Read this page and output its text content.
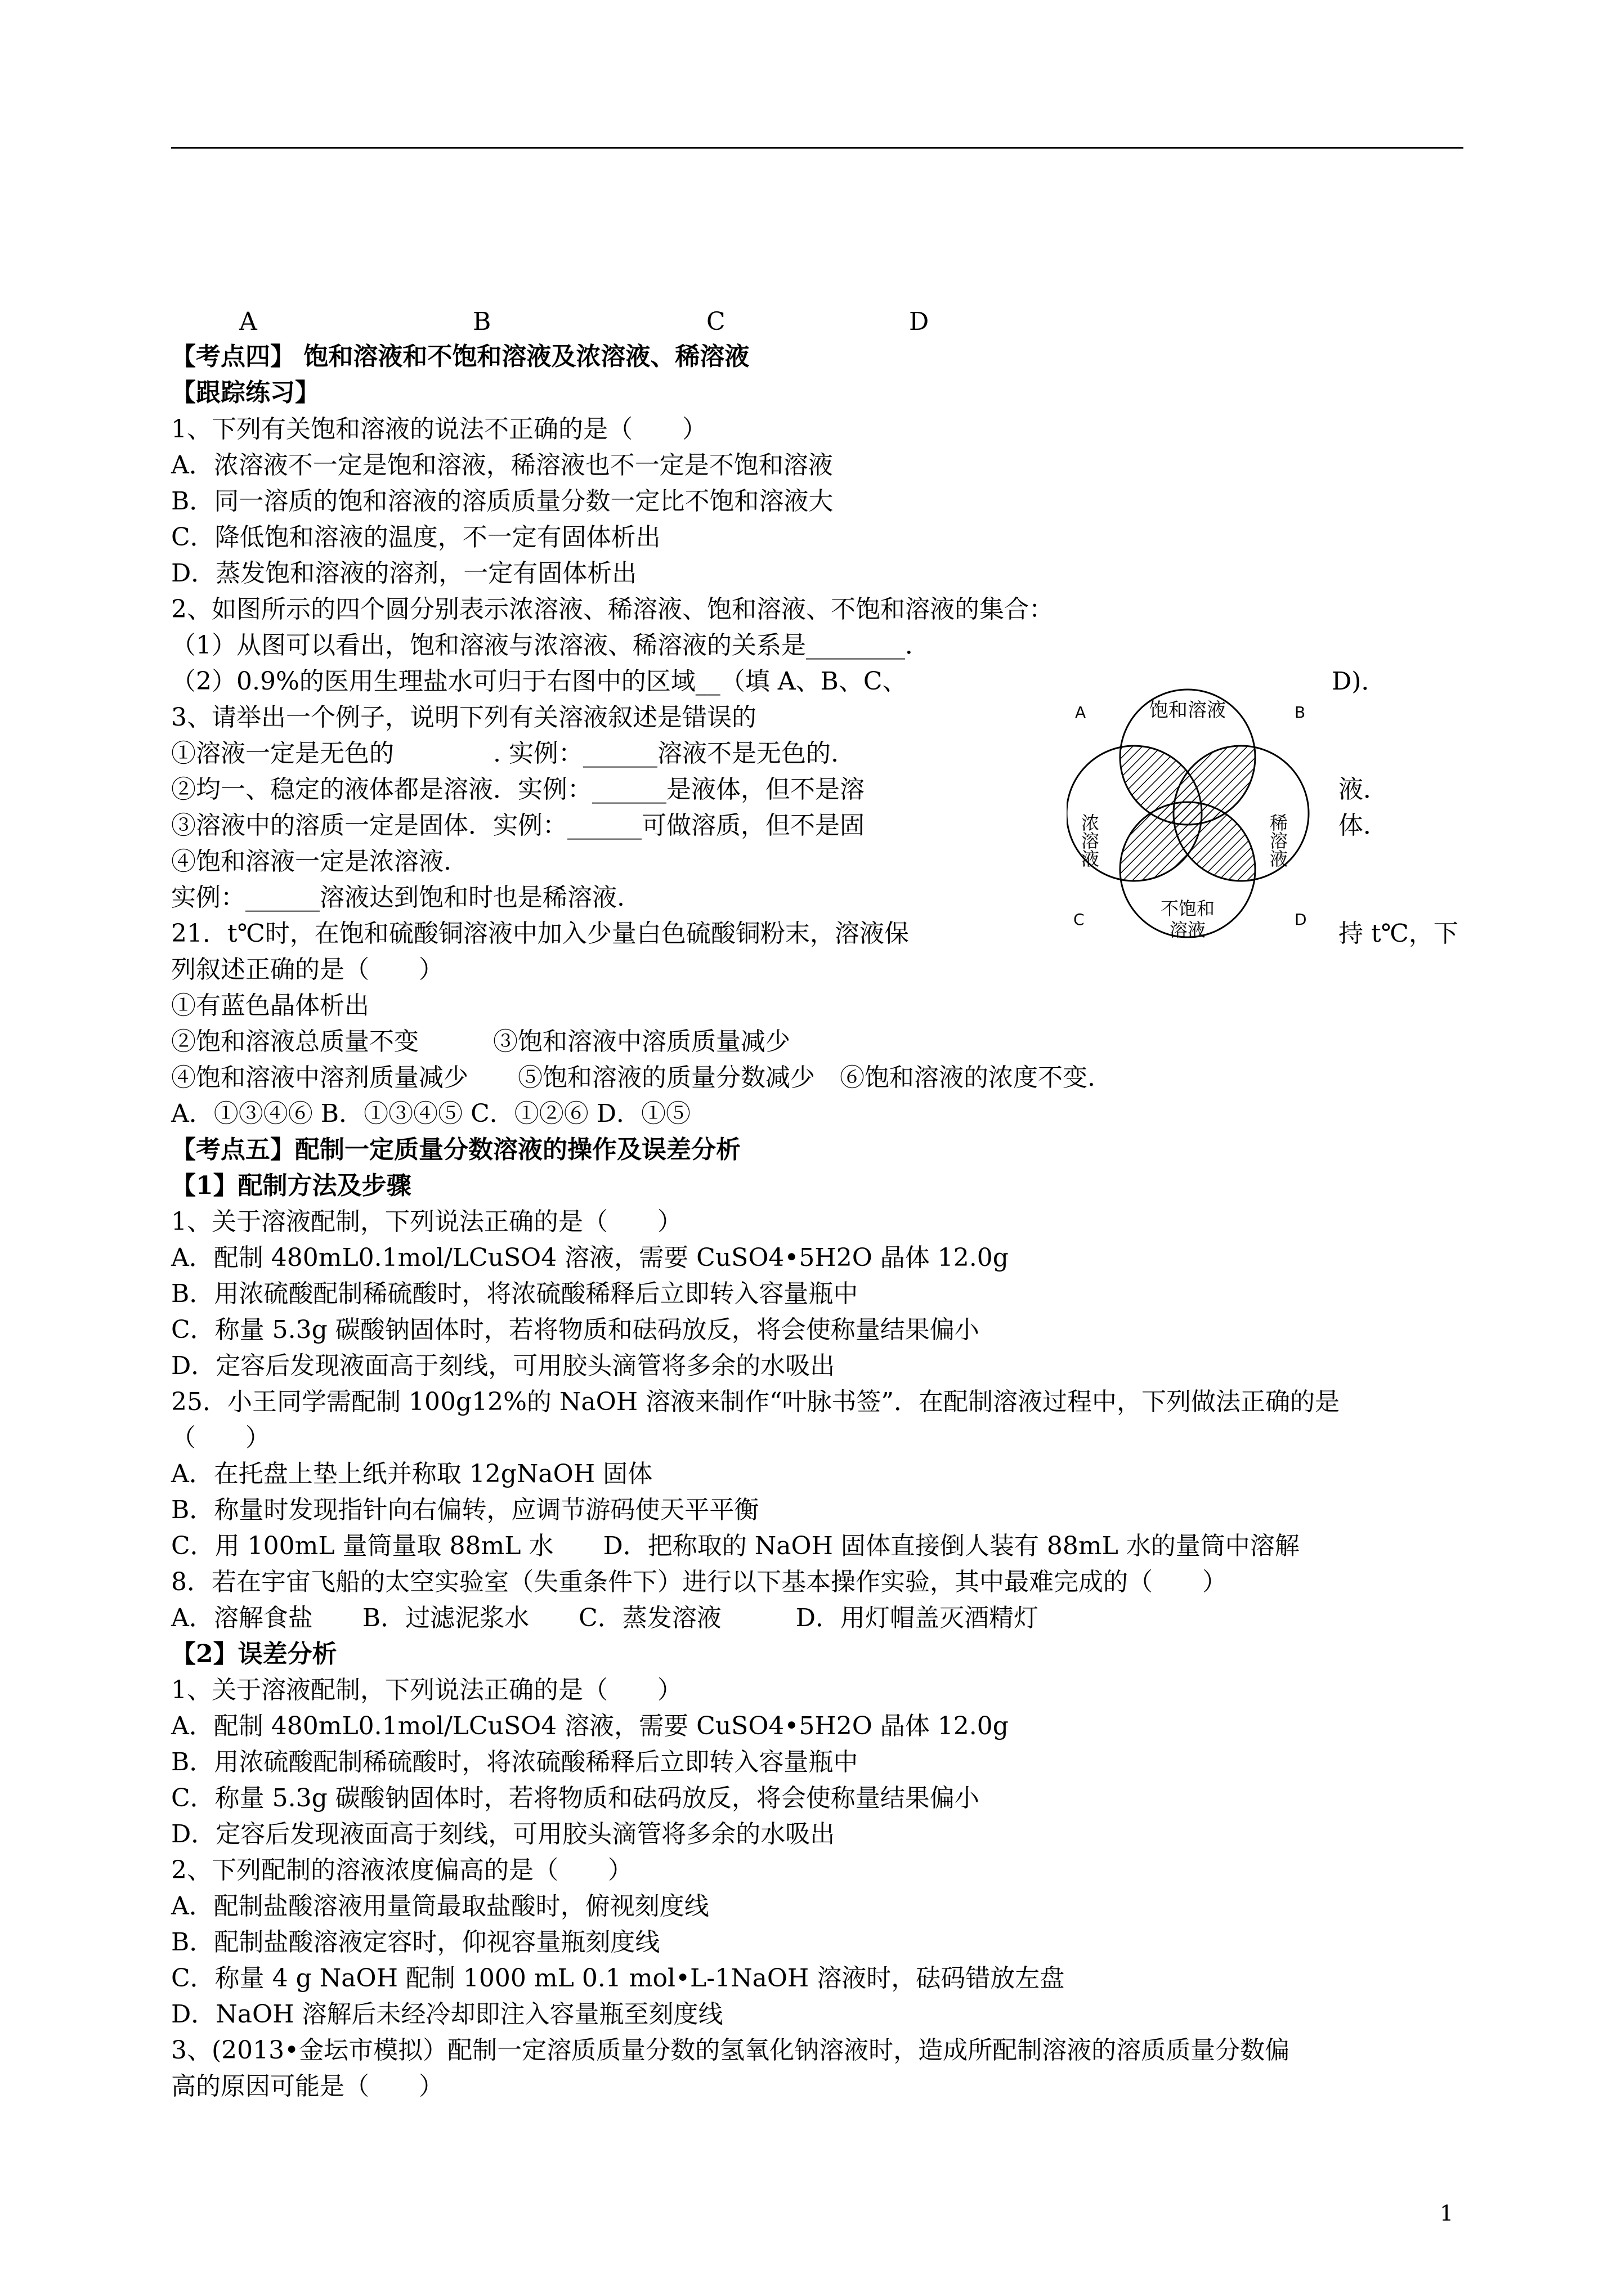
A	B	C	D
【考点四】 饱和溶液和不饱和溶液及浓溶液、稀溶液
【跟踪练习】
1、下列有关饱和溶液的说法不正确的是（　　）
A．浓溶液不一定是饱和溶液，稀溶液也不一定是不饱和溶液
B．同一溶质的饱和溶液的溶质质量分数一定比不饱和溶液大
C．降低饱和溶液的温度，不一定有固体析出
D．蒸发饱和溶液的溶剂，一定有固体析出
2、如图所示的四个圆分别表示浓溶液、稀溶液、饱和溶液、不饱和溶液的集合：
（1）从图可以看出，饱和溶液与浓溶液、稀溶液的关系是________．
（2）0.9%的医用生理盐水可归于右图中的区域__（填 A、B、C、	D)．
3、请举出一个例子，说明下列有关溶液叙述是错误的
①溶液一定是无色的　　　　. 实例：______溶液不是无色的.
②均一、稳定的液体都是溶液．实例：______是液体，但不是溶	液．
③溶液中的溶质一定是固体．实例：______可做溶质，但不是固	体．
④饱和溶液一定是浓溶液.
实例：______溶液达到饱和时也是稀溶液.
21．t℃时，在饱和硫酸铜溶液中加入少量白色硫酸铜粉末，溶液保	持 t℃，下
列叙述正确的是（　　）
①有蓝色晶体析出
②饱和溶液总质量不变　　　③饱和溶液中溶质质量减少
④饱和溶液中溶剂质量减少　　⑤饱和溶液的质量分数减少　⑥饱和溶液的浓度不变.
A．①③④⑥ B．①③④⑤ C．①②⑥ D．①⑤
【考点五】配制一定质量分数溶液的操作及误差分析
【1】配制方法及步骤
1、关于溶液配制，下列说法正确的是（　　）
A．配制 480mL0.1mol/LCuSO4 溶液，需要 CuSO4•5H2O 晶体 12.0g
B．用浓硫酸配制稀硫酸时，将浓硫酸稀释后立即转入容量瓶中
C．称量 5.3g 碳酸钠固体时，若将物质和砝码放反，将会使称量结果偏小
D．定容后发现液面高于刻线，可用胶头滴管将多余的水吸出
25．小王同学需配制 100g12%的 NaOH 溶液来制作“叶脉书签”．在配制溶液过程中，下列做法正确的是
（　　）
A．在托盘上垫上纸并称取 12gNaOH 固体
B．称量时发现指针向右偏转，应调节游码使天平平衡
C．用 100mL 量筒量取 88mL 水　　D．把称取的 NaOH 固体直接倒人装有 88mL 水的量筒中溶解
8．若在宇宙飞船的太空实验室（失重条件下）进行以下基本操作实验，其中最难完成的（　　）
A．溶解食盐　　B．过滤泥浆水　　C．蒸发溶液　　　D．用灯帽盖灭酒精灯
【2】误差分析
1、关于溶液配制，下列说法正确的是（　　）
A．配制 480mL0.1mol/LCuSO4 溶液，需要 CuSO4•5H2O 晶体 12.0g
B．用浓硫酸配制稀硫酸时，将浓硫酸稀释后立即转入容量瓶中
C．称量 5.3g 碳酸钠固体时，若将物质和砝码放反，将会使称量结果偏小
D．定容后发现液面高于刻线，可用胶头滴管将多余的水吸出
2、下列配制的溶液浓度偏高的是（　　）
A．配制盐酸溶液用量筒最取盐酸时，俯视刻度线
B．配制盐酸溶液定容时，仰视容量瓶刻度线
C．称量 4 g NaOH 配制 1000 mL 0.1 mol•L-1NaOH 溶液时，砝码错放左盘
D．NaOH 溶解后未经冷却即注入容量瓶至刻度线
3、(2013•金坛市模拟）配制一定溶质质量分数的氢氧化钠溶液时，造成所配制溶液的溶质质量分数偏
高的原因可能是（　　）
饱和溶液
不饱和
溶液
浓溶液	稀溶液
A	B
C	D
1
